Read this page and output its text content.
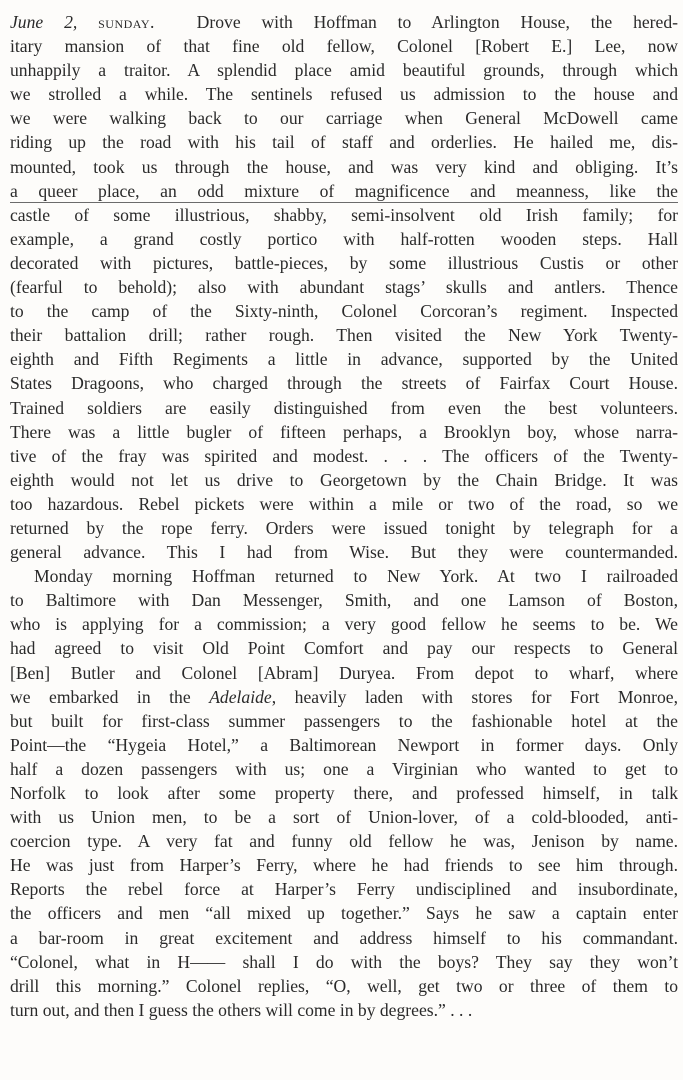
June 2, sunday. Drove with Hoffman to Arlington House, the hered-
itary mansion of that fine old fellow, Colonel [Robert E.] Lee, now
unhappily a traitor. A splendid place amid beautiful grounds, through which
we strolled a while. The sentinels refused us admission to the house and
we were walking back to our carriage when General McDowell came
riding up the road with his tail of staff and orderlies. He hailed me, dis-
mounted, took us through the house, and was very kind and obliging. It’s
a queer place, an odd mixture of magnificence and meanness, like the
castle of some illustrious, shabby, semi-insolvent old Irish family; for
example, a grand costly portico with half-rotten wooden steps. Hall
decorated with pictures, battle-pieces, by some illustrious Custis or other
(fearful to behold); also with abundant stags’ skulls and antlers. Thence
to the camp of the Sixty-ninth, Colonel Corcoran’s regiment. Inspected
their battalion drill; rather rough. Then visited the New York Twenty-
eighth and Fifth Regiments a little in advance, supported by the United
States Dragoons, who charged through the streets of Fairfax Court House.
Trained soldiers are easily distinguished from even the best volunteers.
There was a little bugler of fifteen perhaps, a Brooklyn boy, whose narra-
tive of the fray was spirited and modest. . . . The officers of the Twenty-
eighth would not let us drive to Georgetown by the Chain Bridge. It was
too hazardous. Rebel pickets were within a mile or two of the road, so we
returned by the rope ferry. Orders were issued tonight by telegraph for a
general advance. This I had from Wise. But they were countermanded.
Monday morning Hoffman returned to New York. At two I railroaded
to Baltimore with Dan Messenger, Smith, and one Lamson of Boston,
who is applying for a commission; a very good fellow he seems to be. We
had agreed to visit Old Point Comfort and pay our respects to General
[Ben] Butler and Colonel [Abram] Duryea. From depot to wharf, where
we embarked in the Adelaide, heavily laden with stores for Fort Monroe,
but built for first-class summer passengers to the fashionable hotel at the
Point—the “Hygeia Hotel,” a Baltimorean Newport in former days. Only
half a dozen passengers with us; one a Virginian who wanted to get to
Norfolk to look after some property there, and professed himself, in talk
with us Union men, to be a sort of Union-lover, of a cold-blooded, anti-
coercion type. A very fat and funny old fellow he was, Jenison by name.
He was just from Harper’s Ferry, where he had friends to see him through.
Reports the rebel force at Harper’s Ferry undisciplined and insubordinate,
the officers and men “all mixed up together.” Says he saw a captain enter
a bar-room in great excitement and address himself to his commandant.
“Colonel, what in H—— shall I do with the boys? They say they won’t
drill this morning.” Colonel replies, “O, well, get two or three of them to
turn out, and then I guess the others will come in by degrees.” . . .
